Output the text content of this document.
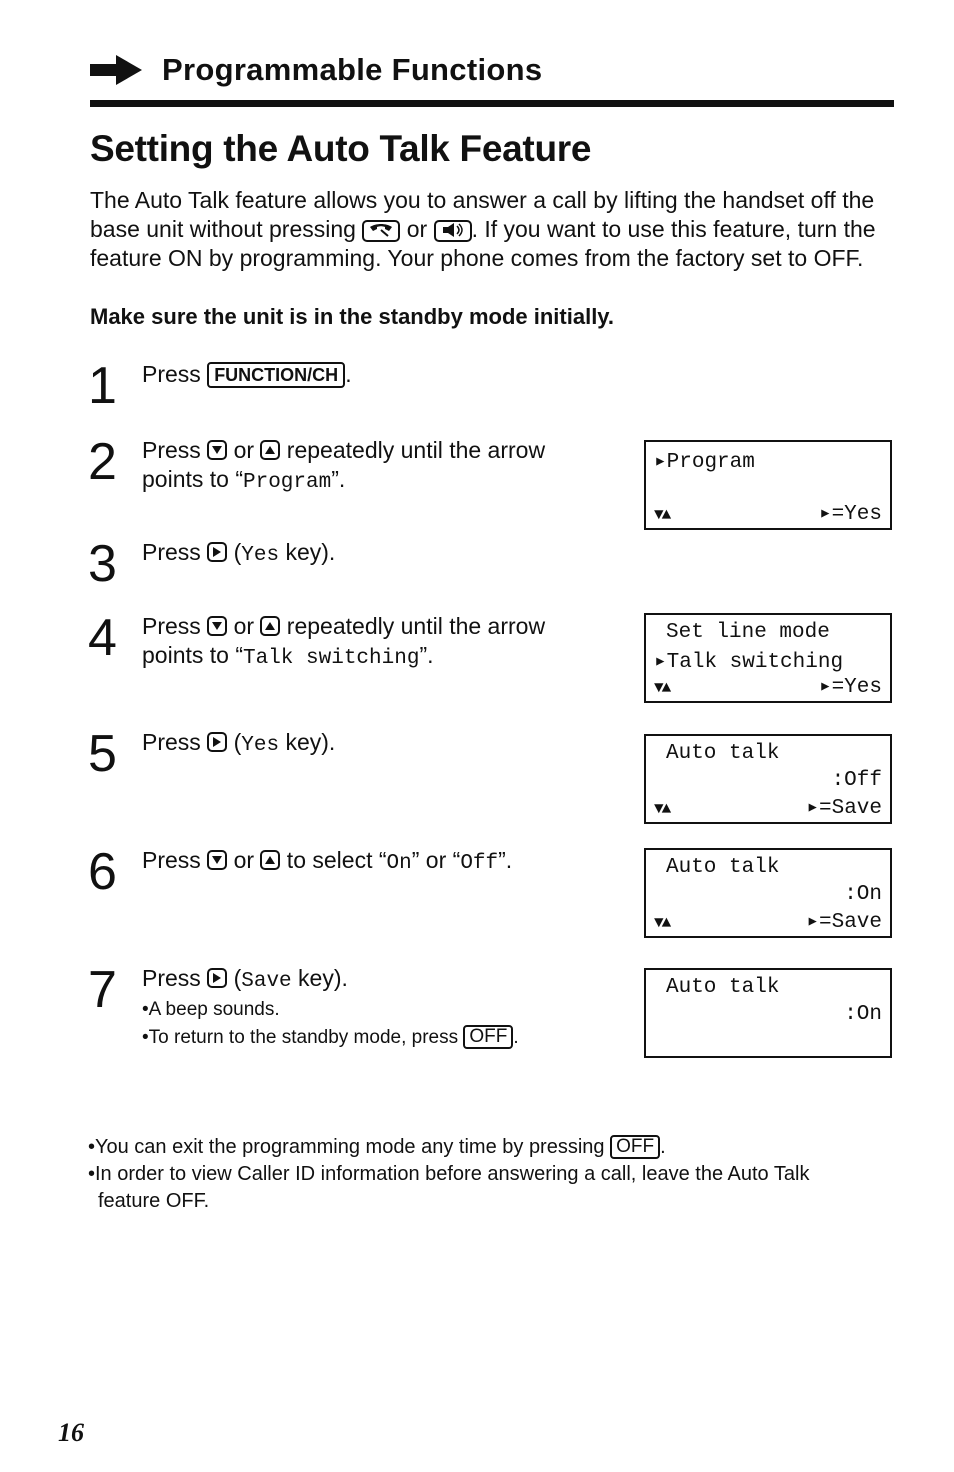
Programmable Functions
Setting the Auto Talk Feature

The Auto Talk feature allows you to answer a call by lifting the handset off the base unit without pressing
or
. If you want to use this feature, turn the feature ON by programming. Your phone comes from the factory set to OFF.

Make sure the unit is in the standby mode initially.

1 Press FUNCTION/CH .
2 Press
or
repeatedly until the arrow points to “Program”.
3 Press
(Yes key).
4 Press
or
repeatedly until the arrow points to “Talk switching”.
5 Press
(Yes key).
6 Press
or
to select “On” or “Off”.
7 Press
(Save key).
•A beep sounds.
•To return to the standby mode, press OFF .
▸Program
▼▲	▸=Yes
Set line mode
▸Talk switching
▼▲	▸=Yes
Auto talk
:Off
▼▲	▸=Save
Auto talk
:On
▼▲	▸=Save
Auto talk
:On

•You can exit the programming mode any time by pressing OFF .

•In order to view Caller ID information before answering a call, leave the Auto Talk

feature OFF.

16
